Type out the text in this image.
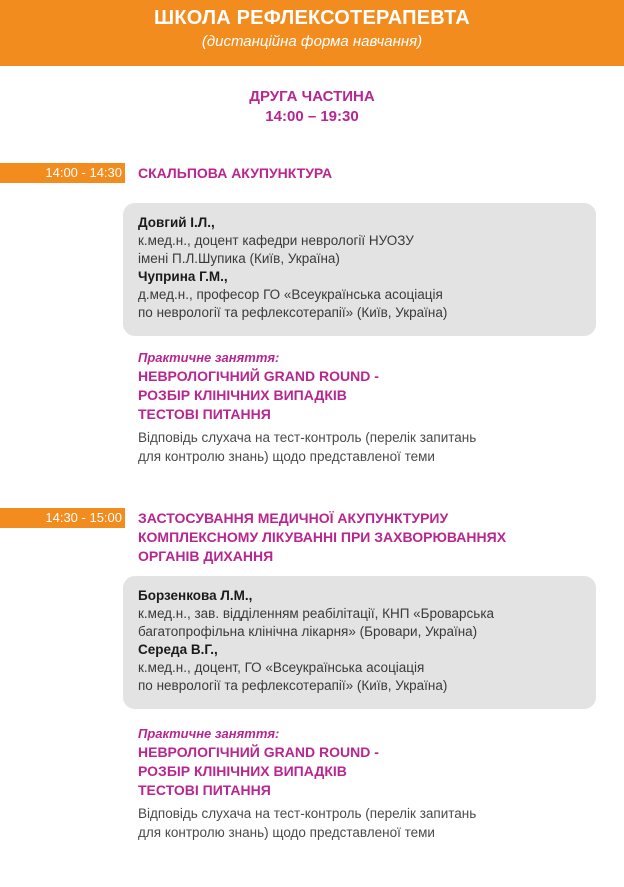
ШКОЛА РЕФЛЕКСОТЕРАПЕВТА
(дистанційна форма навчання)
ДРУГА ЧАСТИНА
14:00 – 19:30
14:00 - 14:30 СКАЛЬПОВА АКУПУНКТУРА
Довгий І.Л.,
к.мед.н., доцент кафедри неврології НУОЗУ
імені П.Л.Шупика (Київ, Україна)
Чуприна Г.М.,
д.мед.н., професор ГО «Всеукраїнська асоціація
по неврології та рефлексотерапії» (Київ, Україна)
Практичне заняття:
НЕВРОЛОГІЧНИЙ GRAND ROUND -
РОЗБІР КЛІНІЧНИХ ВИПАДКІВ
ТЕСТОВІ ПИТАННЯ
Відповідь слухача на тест-контроль (перелік запитань
для контролю знань) щодо представленої теми
14:30 - 15:00 ЗАСТОСУВАННЯ МЕДИЧНОЇ АКУПУНКТУРИУ
КОМПЛЕКСНОМУ ЛІКУВАННІ ПРИ ЗАХВОРЮВАННЯХ
ОРГАНІВ ДИХАННЯ
Борзенкова Л.М.,
к.мед.н., зав. відділенням реабілітації, КНП «Броварська
багатопрофільна клінічна лікарня» (Бровари, Україна)
Середа В.Г.,
к.мед.н., доцент, ГО «Всеукраїнська асоціація
по неврології та рефлексотерапії» (Київ, Україна)
Практичне заняття:
НЕВРОЛОГІЧНИЙ GRAND ROUND -
РОЗБІР КЛІНІЧНИХ ВИПАДКІВ
ТЕСТОВІ ПИТАННЯ
Відповідь слухача на тест-контроль (перелік запитань
для контролю знань) щодо представленої теми
